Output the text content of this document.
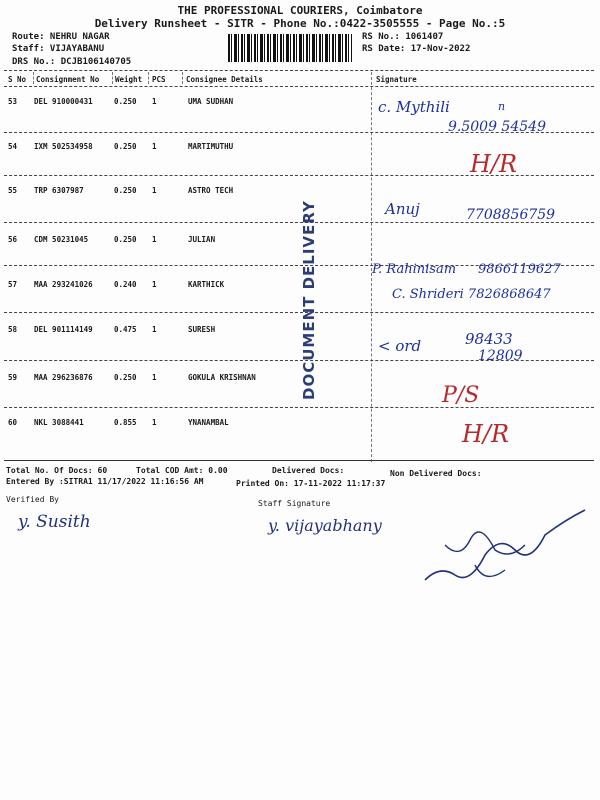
THE PROFESSIONAL COURIERS, Coimbatore
Delivery Runsheet - SITR - Phone No.:0422-3505555 - Page No.:5
Route: NEHRU NAGAR
Staff: VIJAYABANU
DRS No.: DCJB106140705
RS No.: 1061407
RS Date: 17-Nov-2022
S No Consignment No Weight PCS	Consignee Details	Signature
53 DEL 910000431	0.250 1	UMA SUDHAN
54 IXM 502534958	0.250 1	MARTIMUTHU
55 TRP 6307987	0.250 1	ASTRO TECH
56 CDM 50231045	0.250 1	JULIAN
57 MAA 293241026	0.240 1	KARTHICK
58 DEL 901114149	0.475 1	SURESH
59 MAA 296236876	0.250 1	GOKULA KRISHNAN
60 NKL 3088441	0.855 1	YNANAMBAL
DOCUMENT DELIVERY
c. Mythili	n
9.5009 54549
H/R
Anuj	7708856759
P. Rahinisam 9866119627
C. Shrideri 7826868647
< ord	98433
12809
P/S
H/R
Total No. Of Docs: 60	Total COD Amt: 0.00	Delivered Docs:	Non Delivered Docs:
Entered By :SITRA1 11/17/2022 11:16:56 AM	Printed On: 17-11-2022 11:17:37
Verified By	Staff Signature
y. Susith	y. vijayabhany
